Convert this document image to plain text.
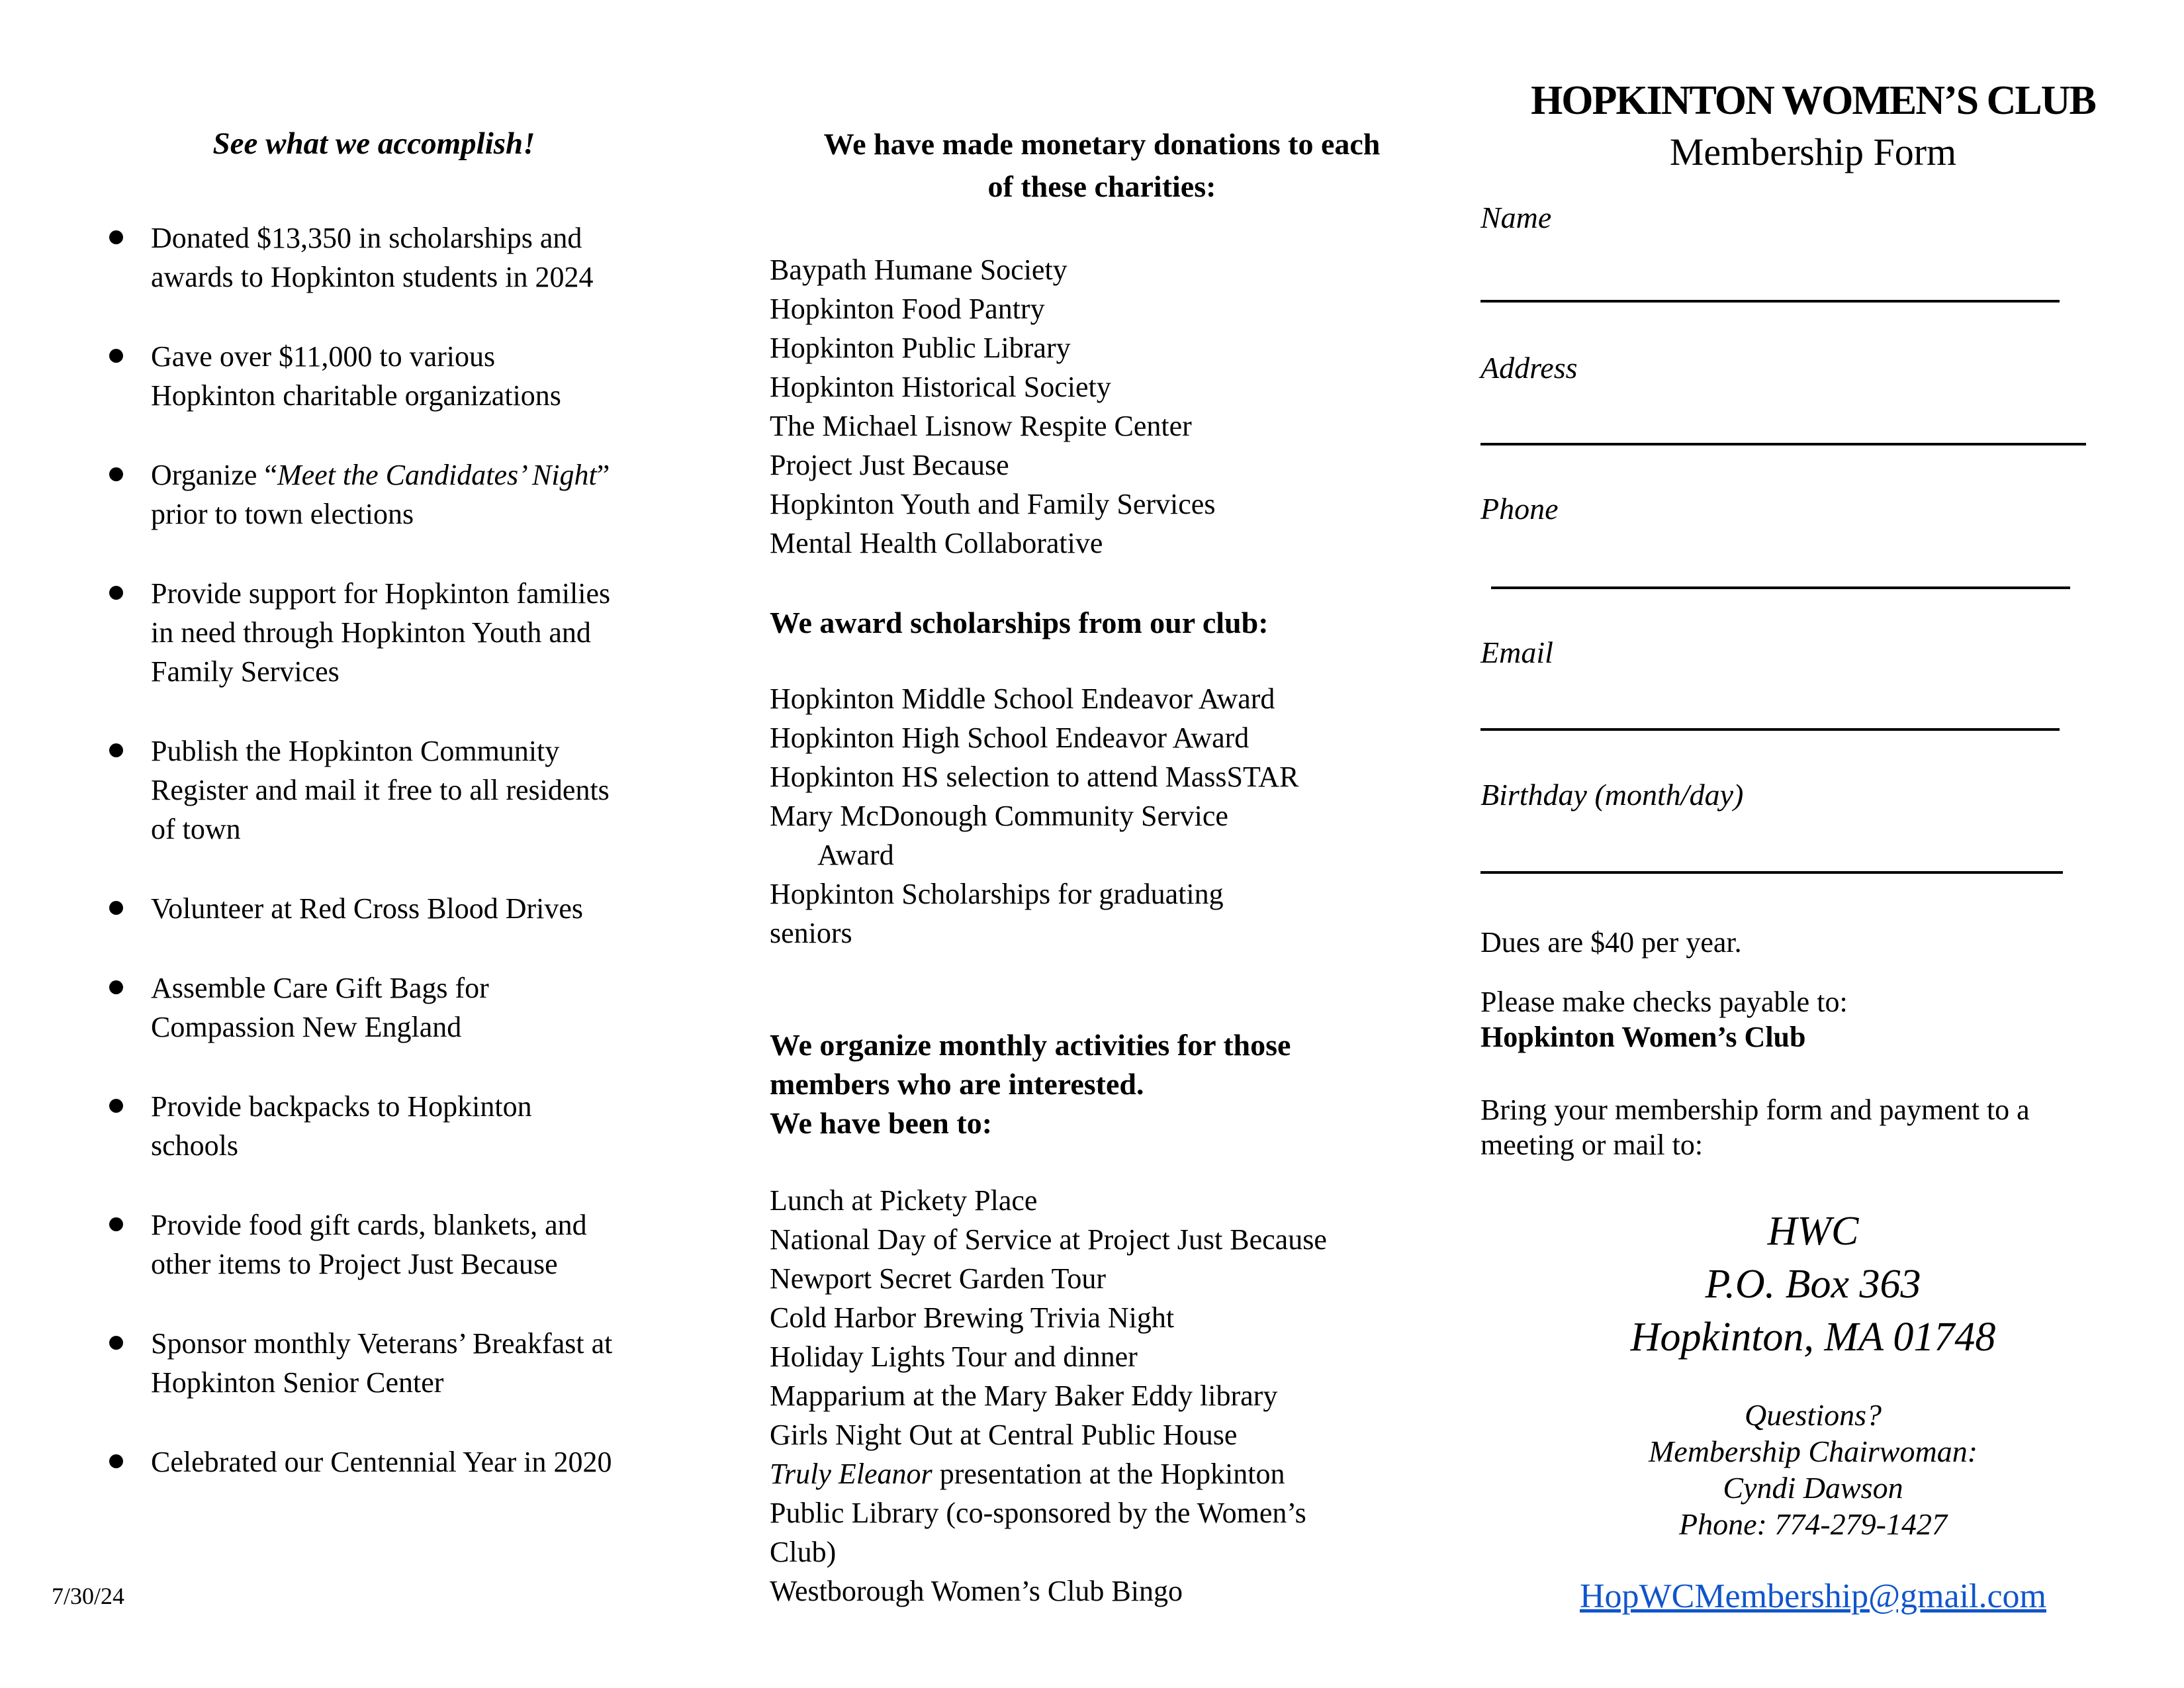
See what we accomplish!
Donated $13,350 in scholarships and
awards to Hopkinton students in 2024
Gave over $11,000 to various
Hopkinton charitable organizations
Organize “Meet the Candidates’ Night”
prior to town elections
Provide support for Hopkinton families
in need through Hopkinton Youth and
Family Services
Publish the Hopkinton Community
Register and mail it free to all residents
of town
Volunteer at Red Cross Blood Drives
Assemble Care Gift Bags for
Compassion New England
Provide backpacks to Hopkinton
schools
Provide food gift cards, blankets, and
other items to Project Just Because
Sponsor monthly Veterans’ Breakfast at
Hopkinton Senior Center
Celebrated our Centennial Year in 2020
7/30/24
We have made monetary donations to each
of these charities:
Baypath Humane Society
Hopkinton Food Pantry
Hopkinton Public Library
Hopkinton Historical Society
The Michael Lisnow Respite Center
Project Just Because
Hopkinton Youth and Family Services
Mental Health Collaborative
We award scholarships from our club:
Hopkinton Middle School Endeavor Award
Hopkinton High School Endeavor Award
Hopkinton HS selection to attend MassSTAR
Mary McDonough Community Service
Award
Hopkinton Scholarships for graduating
seniors
We organize monthly activities for those
members who are interested.
We have been to:
Lunch at Pickety Place
National Day of Service at Project Just Because
Newport Secret Garden Tour
Cold Harbor Brewing Trivia Night
Holiday Lights Tour and dinner
Mapparium at the Mary Baker Eddy library
Girls Night Out at Central Public House
Truly Eleanor presentation at the Hopkinton
Public Library (co-sponsored by the Women’s
Club)
Westborough Women’s Club Bingo
HOPKINTON WOMEN’S CLUB
Membership Form
Name
Address
Phone
Email
Birthday (month/day)
Dues are $40 per year.
Please make checks payable to:
Hopkinton Women’s Club
Bring your membership form and payment to a
meeting or mail to:
HWC
P.O. Box 363
Hopkinton, MA 01748
Questions?
Membership Chairwoman:
Cyndi Dawson
Phone: 774-279-1427
HopWCMembership@gmail.com
